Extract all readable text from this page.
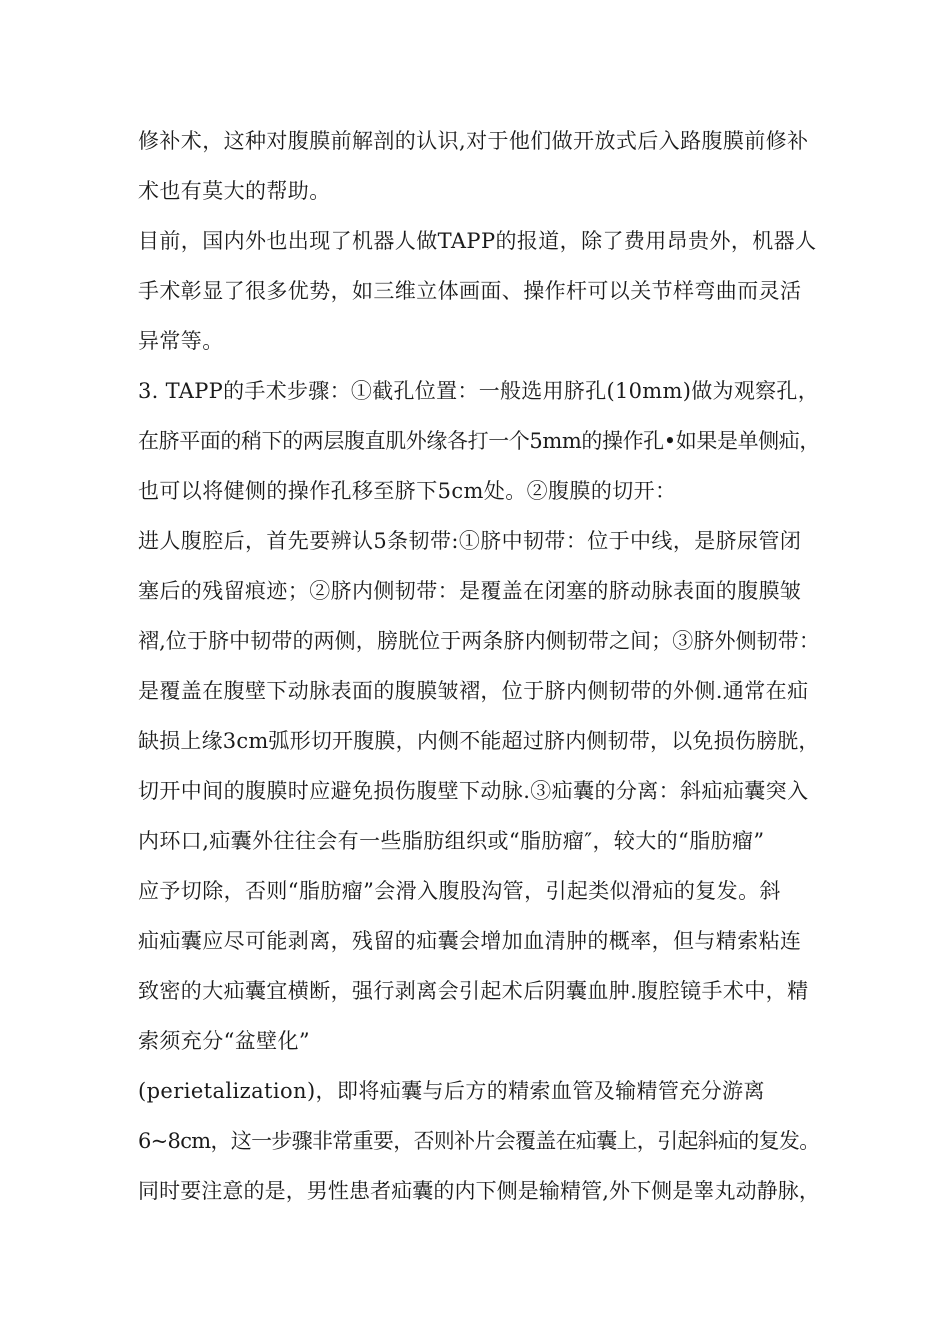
修补术，这种对腹膜前解剖的认识,对于他们做开放式后入路腹膜前修补
术也有莫大的帮助。
目前，国内外也出现了机器人做TAPP的报道，除了费用昂贵外，机器人
手术彰显了很多优势，如三维立体画面、操作杆可以关节样弯曲而灵活
异常等。
3. TAPP的手术步骤：①截孔位置：一般选用脐孔(10mm)做为观察孔，
在脐平面的稍下的两层腹直肌外缘各打一个5mm的操作孔•如果是单侧疝，
也可以将健侧的操作孔移至脐下5cm处。②腹膜的切开：
进人腹腔后，首先要辨认5条韧带:①脐中韧带：位于中线，是脐尿管闭
塞后的残留痕迹；②脐内侧韧带：是覆盖在闭塞的脐动脉表面的腹膜皱
褶,位于脐中韧带的两侧，膀胱位于两条脐内侧韧带之间；③脐外侧韧带：
是覆盖在腹壁下动脉表面的腹膜皱褶，位于脐内侧韧带的外侧.通常在疝
缺损上缘3cm弧形切开腹膜，内侧不能超过脐内侧韧带，以免损伤膀胱，
切开中间的腹膜时应避免损伤腹壁下动脉.③疝囊的分离：斜疝疝囊突入
内环口,疝囊外往往会有一些脂肪组织或“脂肪瘤″，较大的“脂肪瘤”
应予切除，否则“脂肪瘤”会滑入腹股沟管，引起类似滑疝的复发。斜
疝疝囊应尽可能剥离，残留的疝囊会增加血清肿的概率，但与精索粘连
致密的大疝囊宜横断，强行剥离会引起术后阴囊血肿.腹腔镜手术中，精
索须充分“盆壁化”
(perietalization)，即将疝囊与后方的精索血管及输精管充分游离
6~8cm，这一步骤非常重要，否则补片会覆盖在疝囊上，引起斜疝的复发。
同时要注意的是，男性患者疝囊的内下侧是输精管,外下侧是睾丸动静脉，
